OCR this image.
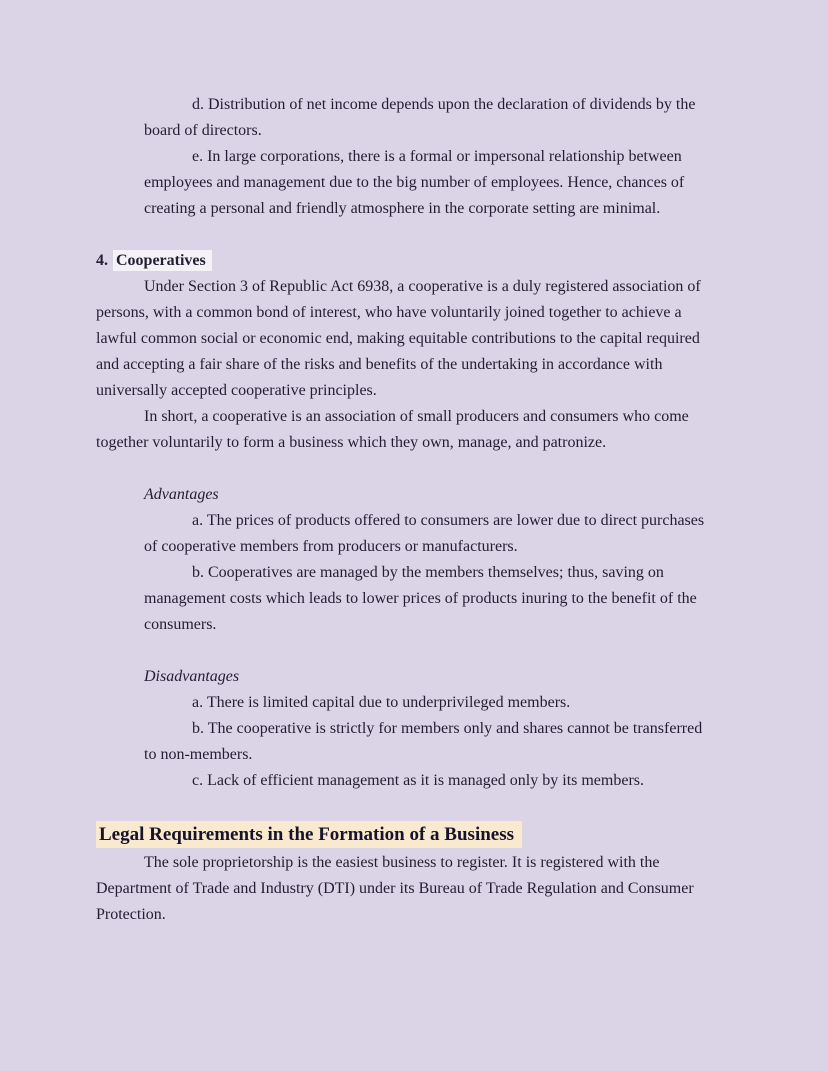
d. Distribution of net income depends upon the declaration of dividends by the
board of directors.
e. In large corporations, there is a formal or impersonal relationship between
employees and management due to the big number of employees. Hence, chances of
creating a personal and friendly atmosphere in the corporate setting are minimal.
4. Cooperatives
Under Section 3 of Republic Act 6938, a cooperative is a duly registered association of
persons, with a common bond of interest, who have voluntarily joined together to achieve a
lawful common social or economic end, making equitable contributions to the capital required
and accepting a fair share of the risks and benefits of the undertaking in accordance with
universally accepted cooperative principles.
In short, a cooperative is an association of small producers and consumers who come
together voluntarily to form a business which they own, manage, and patronize.
Advantages
a. The prices of products offered to consumers are lower due to direct purchases
of cooperative members from producers or manufacturers.
b. Cooperatives are managed by the members themselves; thus, saving on
management costs which leads to lower prices of products inuring to the benefit of the
consumers.
Disadvantages
a. There is limited capital due to underprivileged members.
b. The cooperative is strictly for members only and shares cannot be transferred
to non-members.
c. Lack of efficient management as it is managed only by its members.
Legal Requirements in the Formation of a Business
The sole proprietorship is the easiest business to register. It is registered with the
Department of Trade and Industry (DTI) under its Bureau of Trade Regulation and Consumer
Protection.
